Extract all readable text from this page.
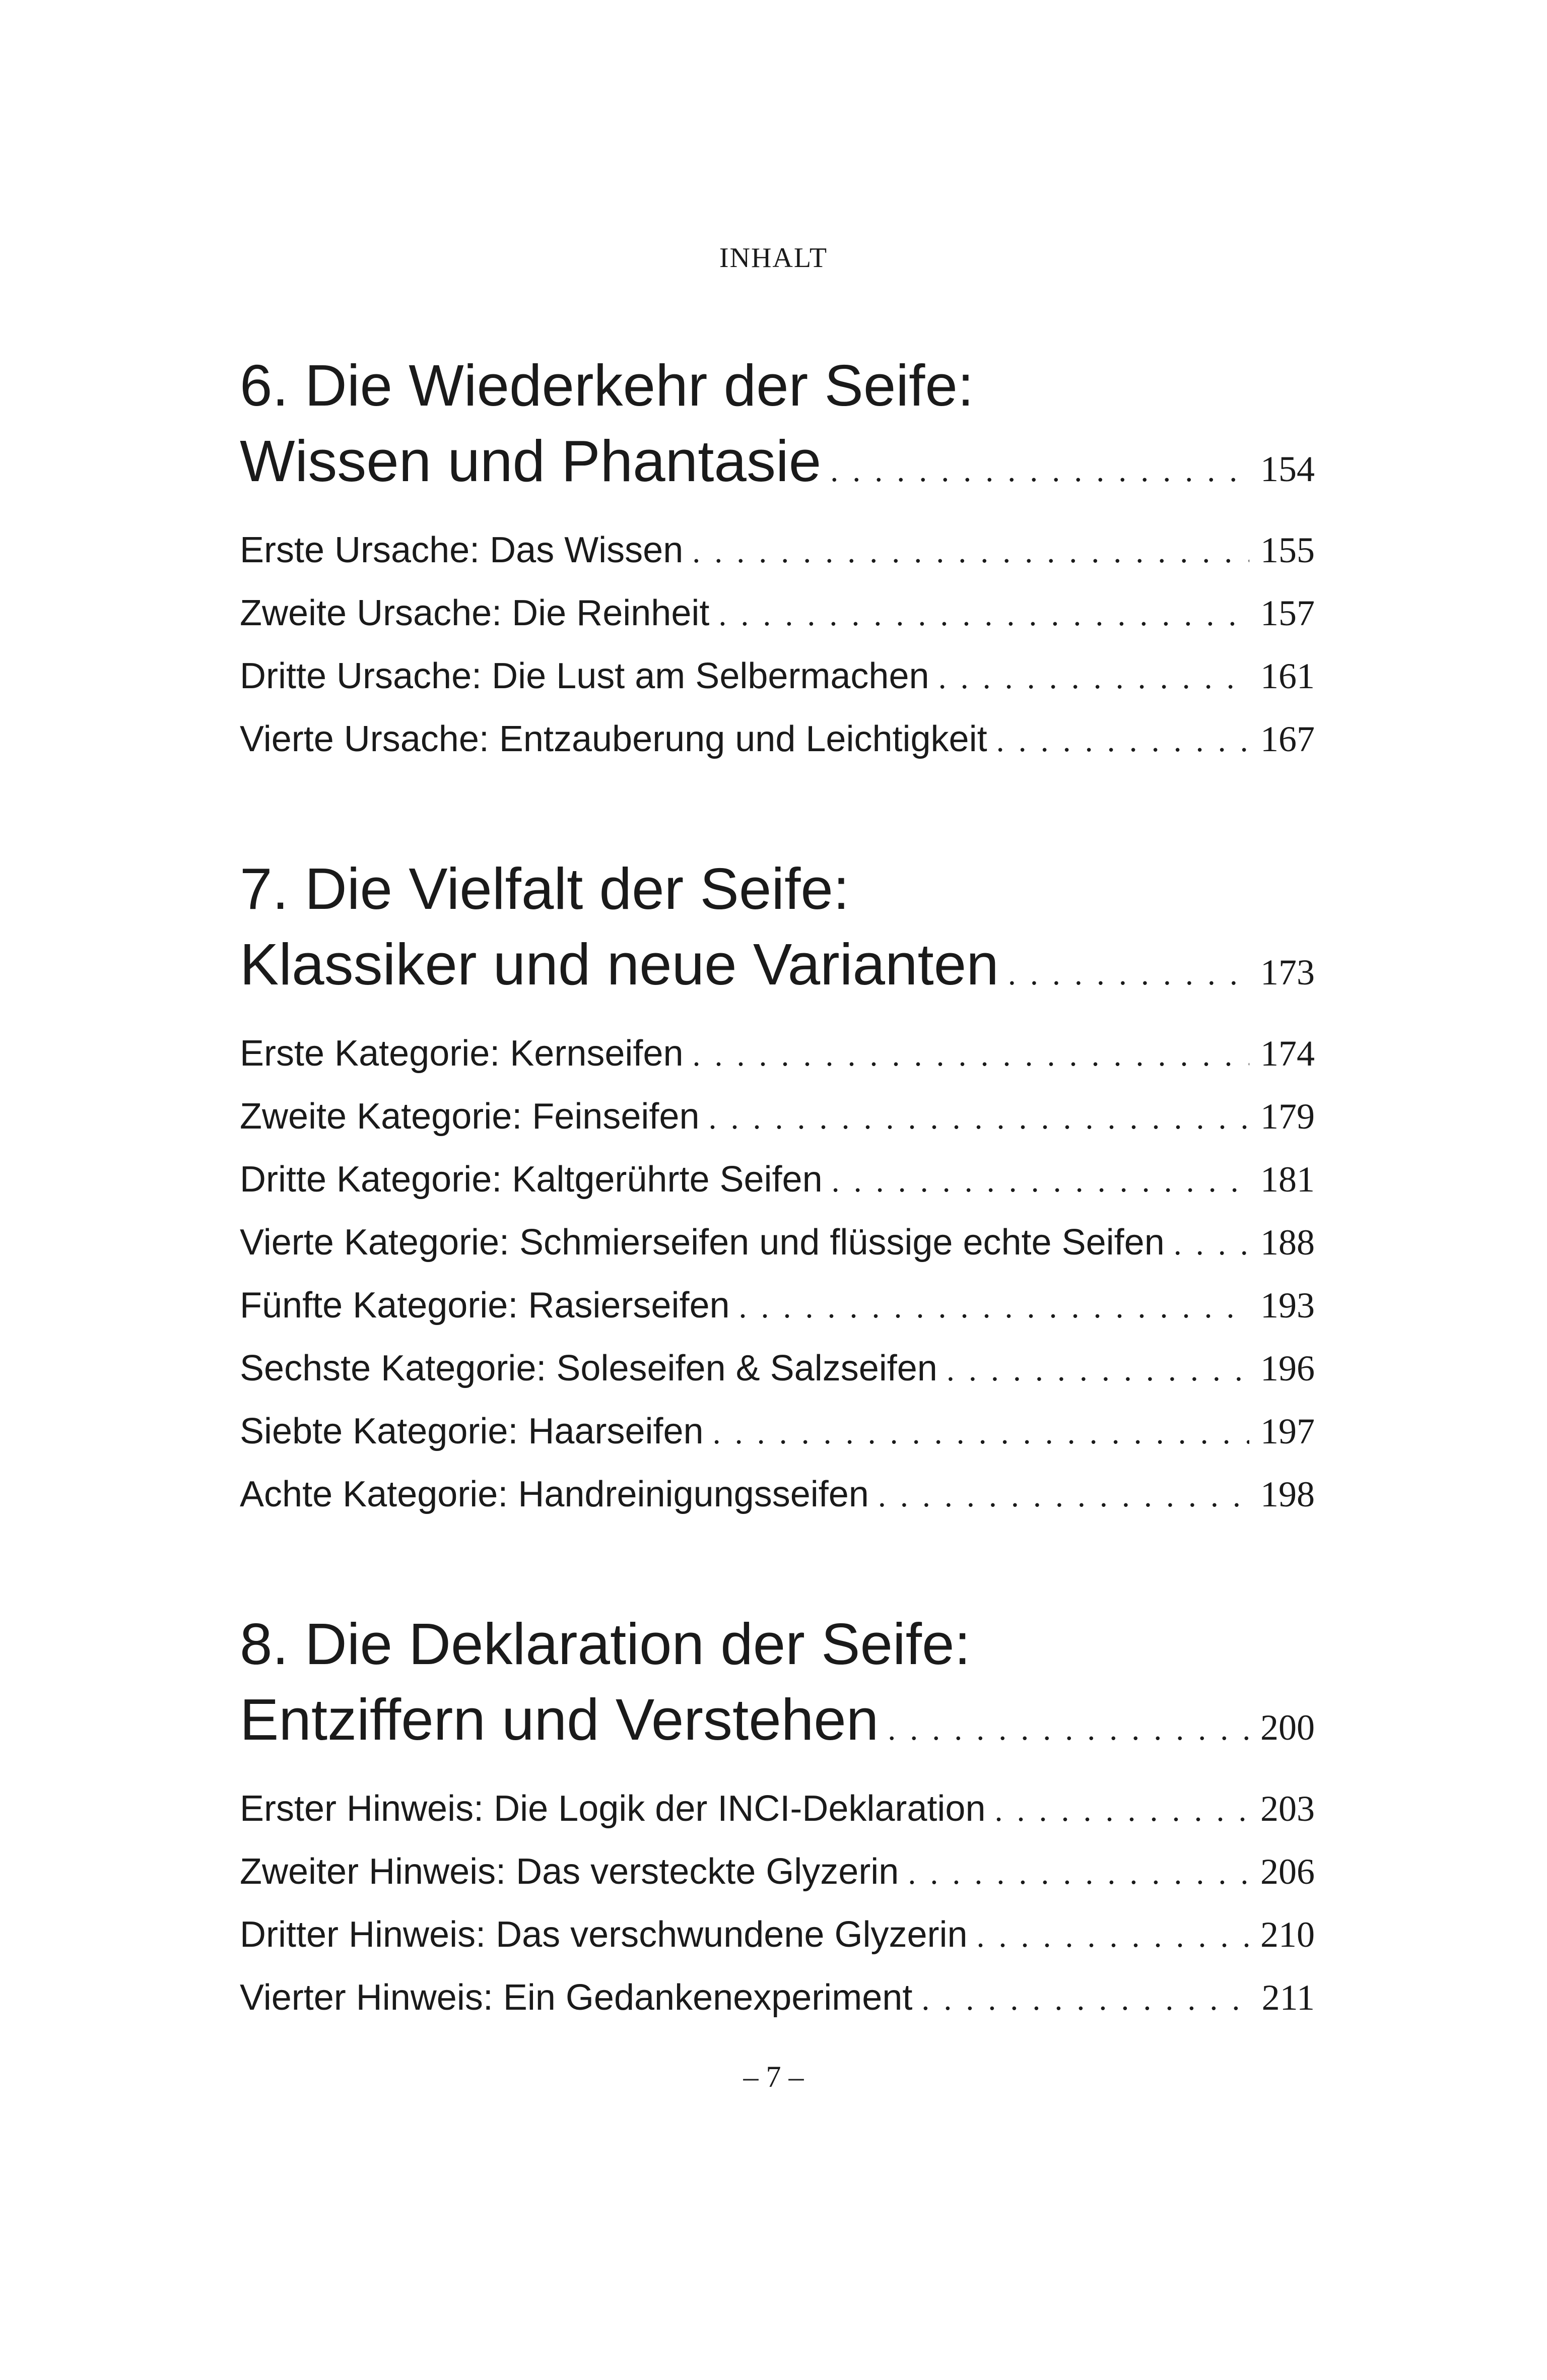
INHALT
6. Die Wiederkehr der Seife:
Wissen und Phantasie . . .	154
Erste Ursache: Das Wissen . . .	155
Zweite Ursache: Die Reinheit . . .	157
Dritte Ursache: Die Lust am Selbermachen . . .	161
Vierte Ursache: Entzauberung und Leichtigkeit . . .	167
7. Die Vielfalt der Seife:
Klassiker und neue Varianten . . .	173
Erste Kategorie: Kernseifen . . .	174
Zweite Kategorie: Feinseifen . . .	179
Dritte Kategorie: Kaltgerührte Seifen . . .	181
Vierte Kategorie: Schmierseifen und flüssige echte Seifen . . .	188
Fünfte Kategorie: Rasierseifen . . .	193
Sechste Kategorie: Soleseifen & Salzseifen . . .	196
Siebte Kategorie: Haarseifen . . .	197
Achte Kategorie: Handreinigungsseifen . . .	198
8. Die Deklaration der Seife:
Entziffern und Verstehen . . .	200
Erster Hinweis: Die Logik der INCI-Deklaration . . .	203
Zweiter Hinweis: Das versteckte Glyzerin . . .	206
Dritter Hinweis: Das verschwundene Glyzerin . . .	210
Vierter Hinweis: Ein Gedankenexperiment . . .	211
– 7 –
